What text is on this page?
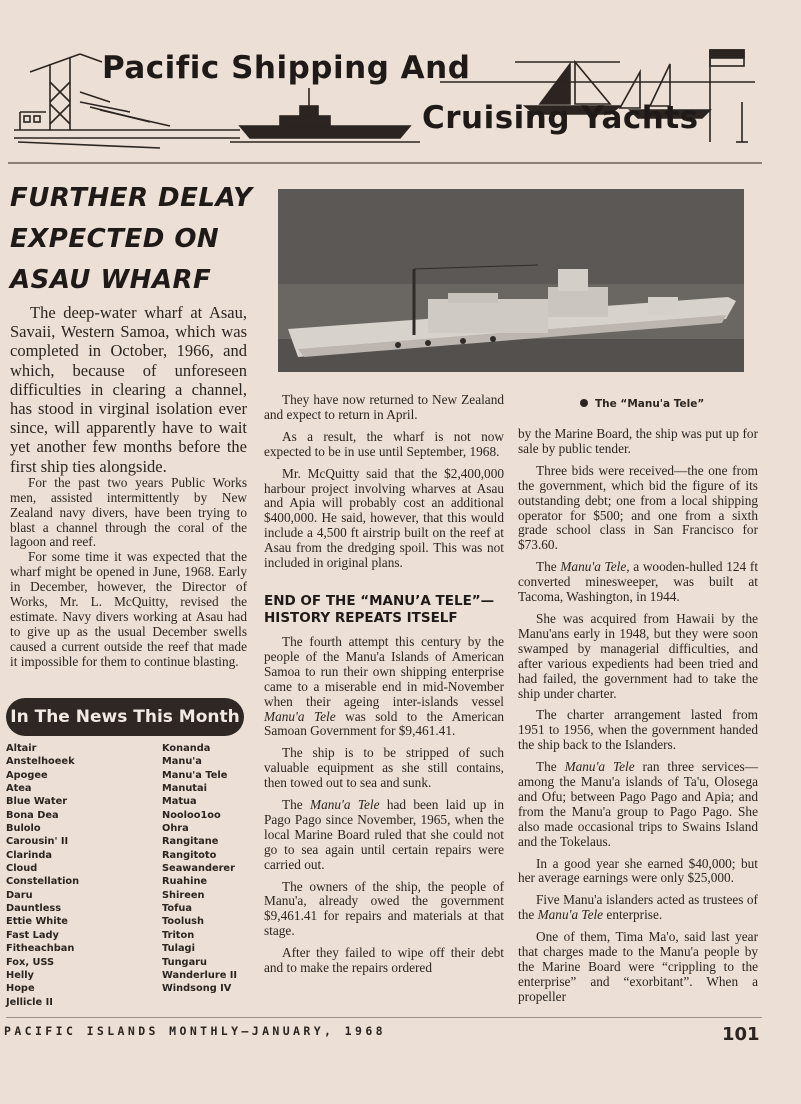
Pacific Shipping And
Cruising Yachts
FURTHER DELAY
EXPECTED ON
ASAU WHARF
The “Manu'a Tele”

The deep-water wharf at Asau, Savaii, Western Samoa, which was completed in October, 1966, and which, because of unforeseen difficulties in clearing a channel, has stood in virginal isolation ever since, will apparently have to wait yet another few months before the first ship ties alongside.

For the past two years Public Works men, assisted intermittently by New Zealand navy divers, have been trying to blast a channel through the coral of the lagoon and reef.

For some time it was expected that the wharf might be opened in June, 1968. Early in December, however, the Director of Works, Mr. L. McQuitty, revised the estimate. Navy divers working at Asau had to give up as the usual December swells caused a current outside the reef that made it impossible for them to continue blasting.

They have now returned to New Zealand and expect to return in April.

As a result, the wharf is not now expected to be in use until September, 1968.

Mr. McQuitty said that the $2,400,000 harbour project involving wharves at Asau and Apia will probably cost an additional $400,000. He said, however, that this would include a 4,500 ft airstrip built on the reef at Asau from the dredging spoil. This was not included in original plans.

END OF THE “MANU’A TELE”— HISTORY REPEATS ITSELF

The fourth attempt this century by the people of the Manu'a Islands of American Samoa to run their own shipping enterprise came to a miserable end in mid-November when their ageing inter-islands vessel Manu'a Tele was sold to the American Samoan Government for $9,461.41.

The ship is to be stripped of such valuable equipment as she still contains, then towed out to sea and sunk.

The Manu'a Tele had been laid up in Pago Pago since November, 1965, when the local Marine Board ruled that she could not go to sea again until certain repairs were carried out.

The owners of the ship, the people of Manu'a, already owed the government $9,461.41 for repairs and materials at that stage.

After they failed to wipe off their debt and to make the repairs ordered

by the Marine Board, the ship was put up for sale by public tender.

Three bids were received—the one from the government, which bid the figure of its outstanding debt; one from a local shipping operator for $500; and one from a sixth grade school class in San Francisco for $73.60.

The Manu'a Tele, a wooden-hulled 124 ft converted minesweeper, was built at Tacoma, Washington, in 1944.

She was acquired from Hawaii by the Manu'ans early in 1948, but they were soon swamped by managerial difficulties, and after various expedients had been tried and had failed, the government had to take the ship under charter.

The charter arrangement lasted from 1951 to 1956, when the government handed the ship back to the Islanders.

The Manu'a Tele ran three services—among the Manu'a islands of Ta'u, Olosega and Ofu; between Pago Pago and Apia; and from the Manu'a group to Pago Pago. She also made occasional trips to Swains Island and the Tokelaus.

In a good year she earned $40,000; but her average earnings were only $25,000.

Five Manu'a islanders acted as trustees of the Manu'a Tele enterprise.

One of them, Tima Ma'o, said last year that charges made to the Manu'a people by the Marine Board were “crippling to the enterprise” and “exorbitant”. When a propeller

In The News This Month
Altair
Anstelhoeek
Apogee
Atea
Blue Water
Bona Dea
Bulolo
Carousin' II
Clarinda
Cloud
Constellation
Daru
Dauntless
Ettie White
Fast Lady
Fitheachban
Fox, USS
Helly
Hope
Jellicle II
Konanda
Manu'a
Manu'a Tele
Manutai
Matua
Nooloo1oo
Ohra
Rangitane
Rangitoto
Seawanderer
Ruahine
Shireen
Tofua
Toolush
Triton
Tulagi
Tungaru
Wanderlure II
Windsong IV
PACIFIC ISLANDS MONTHLY—JANUARY, 1968	101
